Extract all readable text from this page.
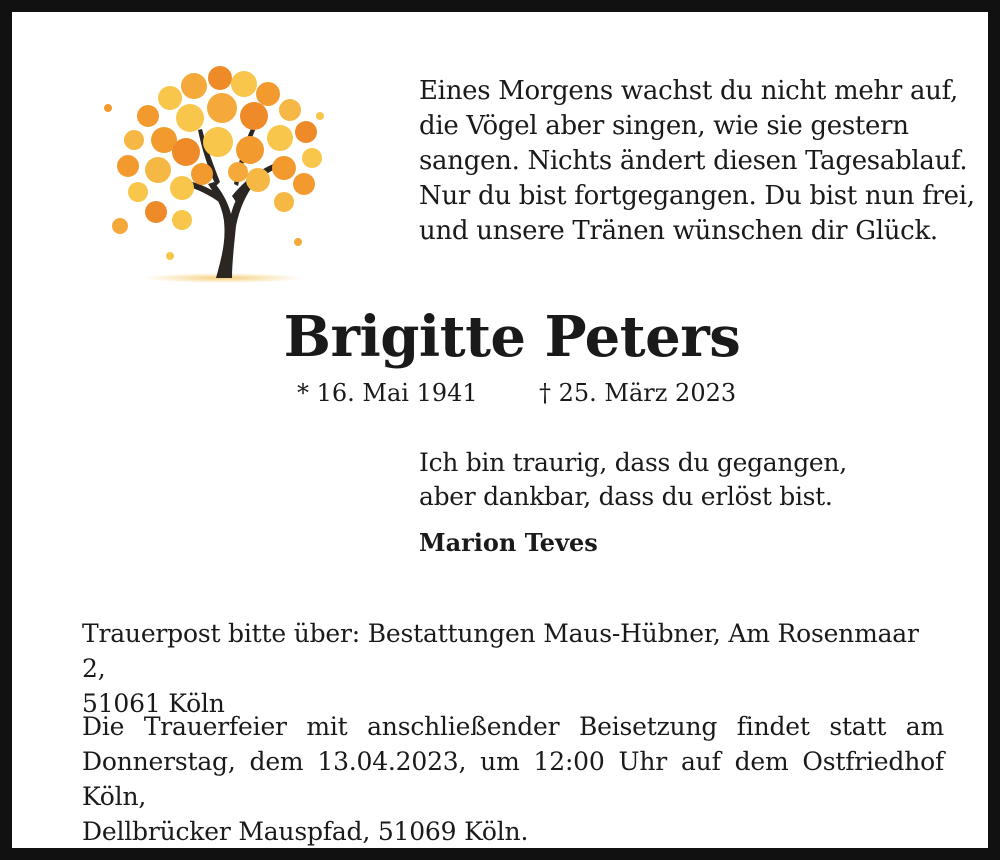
Eines Morgens wachst du nicht mehr auf,
die Vögel aber singen, wie sie gestern
sangen. Nichts ändert diesen Tagesablauf.
Nur du bist fortgegangen. Du bist nun frei,
und unsere Tränen wünschen dir Glück.
Brigitte Peters
* 16. Mai 1941	† 25. März 2023
Ich bin traurig, dass du gegangen,
aber dankbar, dass du erlöst bist.
Marion Teves
Trauerpost bitte über: Bestattungen Maus-Hübner, Am Rosenmaar 2,
51061 Köln
Die Trauerfeier mit anschließender Beisetzung findet statt am
Donnerstag, dem 13.04.2023, um 12:00 Uhr auf dem Ostfriedhof Köln,
Dellbrücker Mauspfad, 51069 Köln.
